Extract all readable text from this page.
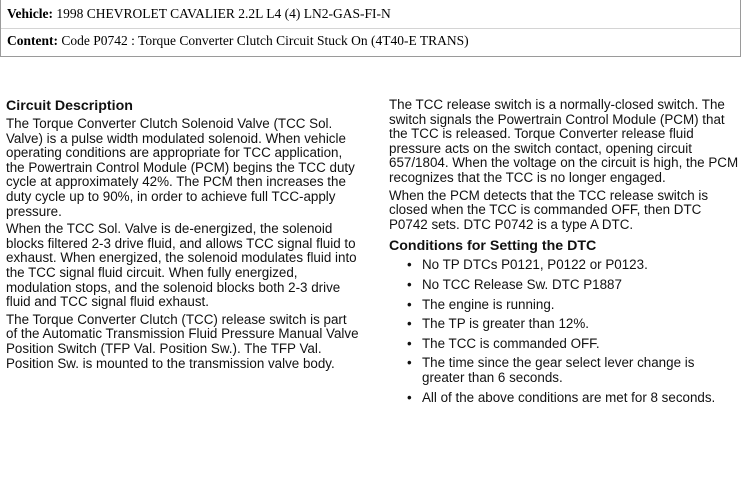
Vehicle: 1998 CHEVROLET CAVALIER 2.2L L4 (4) LN2-GAS-FI-N
Content: Code P0742 : Torque Converter Clutch Circuit Stuck On (4T40-E TRANS)
Circuit Description

The Torque Converter Clutch Solenoid Valve (TCC Sol. Valve) is a pulse width modulated solenoid. When vehicle operating conditions are appropriate for TCC application, the Powertrain Control Module (PCM) begins the TCC duty cycle at approximately 42%. The PCM then increases the duty cycle up to 90%, in order to achieve full TCC-apply pressure.

When the TCC Sol. Valve is de-energized, the solenoid blocks filtered 2-3 drive fluid, and allows TCC signal fluid to exhaust. When energized, the solenoid modulates fluid into the TCC signal fluid circuit. When fully energized, modulation stops, and the solenoid blocks both 2-3 drive fluid and TCC signal fluid exhaust.

The Torque Converter Clutch (TCC) release switch is part of the Automatic Transmission Fluid Pressure Manual Valve Position Switch (TFP Val. Position Sw.). The TFP Val. Position Sw. is mounted to the transmission valve body.

The TCC release switch is a normally-closed switch. The switch signals the Powertrain Control Module (PCM) that the TCC is released. Torque Converter release fluid pressure acts on the switch contact, opening circuit 657/1804. When the voltage on the circuit is high, the PCM recognizes that the TCC is no longer engaged.

When the PCM detects that the TCC release switch is closed when the TCC is commanded OFF, then DTC P0742 sets. DTC P0742 is a type A DTC.

Conditions for Setting the DTC
• No TP DTCs P0121, P0122 or P0123.
• No TCC Release Sw. DTC P1887
• The engine is running.
• The TP is greater than 12%.
• The TCC is commanded OFF.
• The time since the gear select lever change is greater than 6 seconds.
• All of the above conditions are met for 8 seconds.
